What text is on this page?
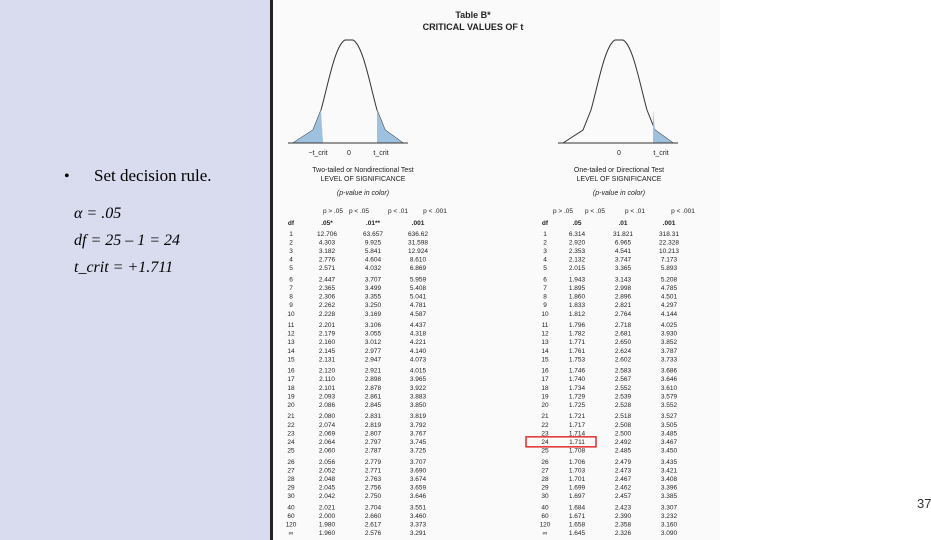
• Set decision rule.
α = .05
df = 25 – 1 = 24
t_crit = +1.711
Table B*
CRITICAL VALUES OF t
−t_crit	0	t_crit	0	t_crit
Two-tailed or Nondirectional Test
LEVEL OF SIGNIFICANCE
(p-value in color)
One-tailed or Directional Test
LEVEL OF SIGNIFICANCE
(p-value in color)
p > .05 p < .05	p < .01 p < .001	p > .05 p < .05	p < .01	p < .001
df	.05*	.01**	.001	df	.05	.01	.001
1	12.706	63.657	636.62
2	4.303	9.925	31.598
3	3.182	5.841	12.924
4	2.776	4.604	8.610
5	2.571	4.032	6.869
6	2.447	3.707	5.959
7	2.365	3.499	5.408
8	2.306	3.355	5.041
9	2.262	3.250	4.781
10	2.228	3.169	4.587
11	2.201	3.106	4.437
12	2.179	3.055	4.318
13	2.160	3.012	4.221
14	2.145	2.977	4.140
15	2.131	2.947	4.073
16	2.120	2.921	4.015
17	2.110	2.898	3.965
18	2.101	2.878	3.922
19	2.093	2.861	3.883
20	2.086	2.845	3.850
21	2.080	2.831	3.819
22	2.074	2.819	3.792
23	2.069	2.807	3.767
24	2.064	2.797	3.745
25	2.060	2.787	3.725
26	2.056	2.779	3.707
27	2.052	2.771	3.690
28	2.048	2.763	3.674
29	2.045	2.756	3.659
30	2.042	2.750	3.646
40	2.021	2.704	3.551
60	2.000	2.660	3.460
120	1.980	2.617	3.373
∞	1.960	2.576	3.291
1	6.314	31.821	318.31
2	2.920	6.965	22.328
3	2.353	4.541	10.213
4	2.132	3.747	7.173
5	2.015	3.365	5.893
6	1.943	3.143	5.208
7	1.895	2.998	4.785
8	1.860	2.896	4.501
9	1.833	2.821	4.297
10	1.812	2.764	4.144
11	1.796	2.718	4.025
12	1.782	2.681	3.930
13	1.771	2.650	3.852
14	1.761	2.624	3.787
15	1.753	2.602	3.733
16	1.746	2.583	3.686
17	1.740	2.567	3.646
18	1.734	2.552	3.610
19	1.729	2.539	3.579
20	1.725	2.528	3.552
21	1.721	2.518	3.527
22	1.717	2.508	3.505
23	1.714	2.500	3.485
24	1.711	2.492	3.467
25	1.708	2.485	3.450
26	1.706	2.479	3.435
27	1.703	2.473	3.421
28	1.701	2.467	3.408
29	1.699	2.462	3.396
30	1.697	2.457	3.385
40	1.684	2.423	3.307
60	1.671	2.390	3.232
120	1.658	2.358	3.160
∞	1.645	2.326	3.090
37
